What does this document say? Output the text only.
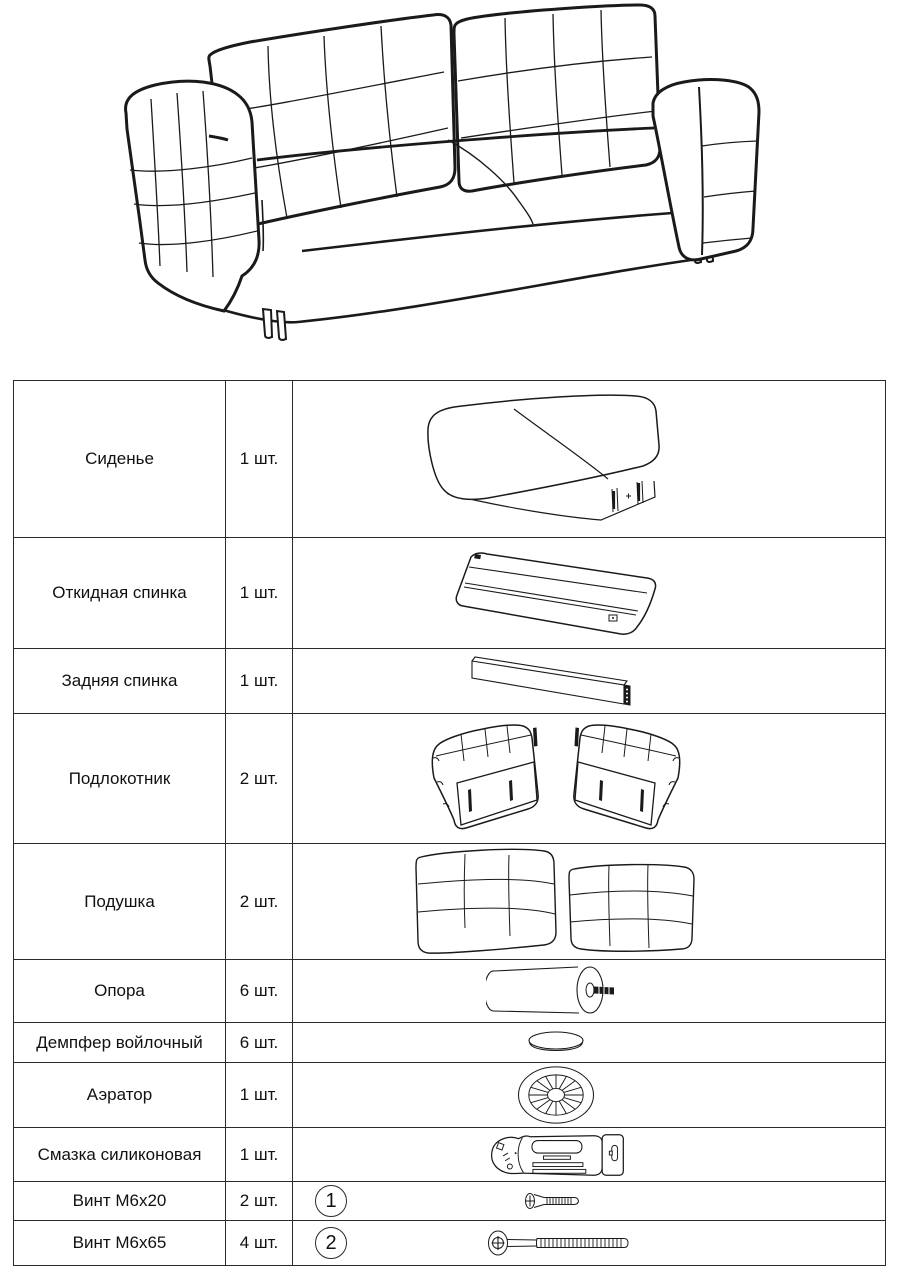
Сиденье	1 шт.	
Откидная спинка	1 шт.	
Задняя спинка	1 шт.	
Подлокотник	2 шт.	
Подушка	2 шт.	
Опора	6 шт.	
Демпфер войлочный	6 шт.	
Аэратор	1 шт.	
Смазка силиконовая	1 шт.	
Винт М6х20	2 шт.	1

Винт М6х65	4 шт.	2
